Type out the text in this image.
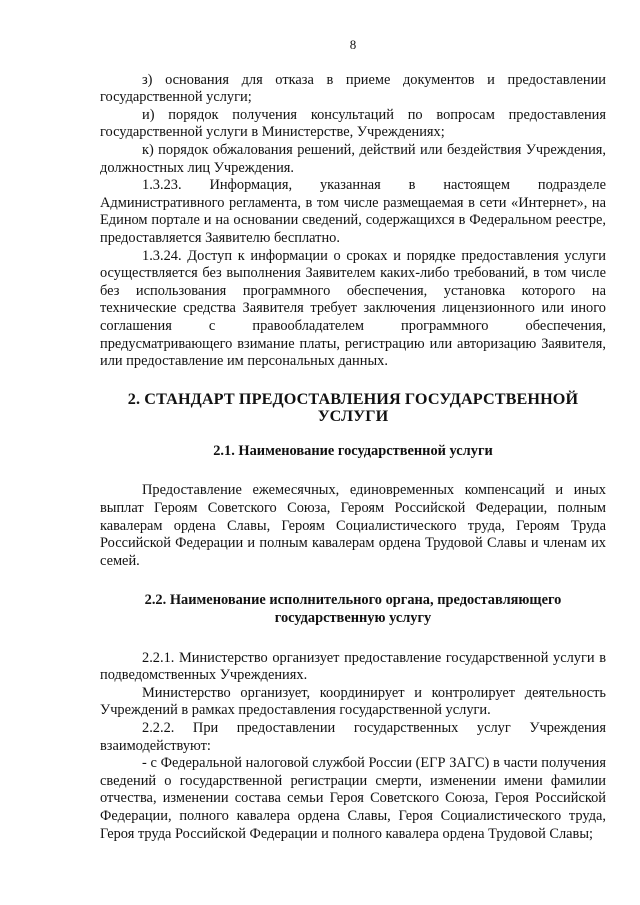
8

з) основания для отказа в приеме документов и предоставлении государственной услуги;

и) порядок получения консультаций по вопросам предоставления государственной услуги в Министерстве, Учреждениях;

к) порядок обжалования решений, действий или бездействия Учреждения, должностных лиц Учреждения.

1.3.23. Информация, указанная в настоящем подразделе Административного регламента, в том числе размещаемая в сети «Интернет», на Едином портале и на основании сведений, содержащихся в Федеральном реестре, предоставляется Заявителю бесплатно.

1.3.24. Доступ к информации о сроках и порядке предоставления услуги осуществляется без выполнения Заявителем каких-либо требований, в том числе без использования программного обеспечения, установка которого на технические средства Заявителя требует заключения лицензионного или иного соглашения с правообладателем программного обеспечения, предусматривающего взимание платы, регистрацию или авторизацию Заявителя, или предоставление им персональных данных.

2. СТАНДАРТ ПРЕДОСТАВЛЕНИЯ ГОСУДАРСТВЕННОЙ УСЛУГИ
2.1. Наименование государственной услуги

Предоставление ежемесячных, единовременных компенсаций и иных выплат Героям Советского Союза, Героям Российской Федерации, полным кавалерам ордена Славы, Героям Социалистического труда, Героям Труда Российской Федерации и полным кавалерам ордена Трудовой Славы и членам их семей.

2.2. Наименование исполнительного органа, предоставляющего государственную услугу

2.2.1. Министерство организует предоставление государственной услуги в подведомственных Учреждениях.

Министерство организует, координирует и контролирует деятельность Учреждений в рамках предоставления государственной услуги.

2.2.2. При предоставлении государственных услуг Учреждения взаимодействуют:

- с Федеральной налоговой службой России (ЕГР ЗАГС) в части получения сведений о государственной регистрации смерти, изменении имени фамилии отчества, изменении состава семьи Героя Советского Союза, Героя Российской Федерации, полного кавалера ордена Славы, Героя Социалистического труда, Героя труда Российской Федерации и полного кавалера ордена Трудовой Славы;
